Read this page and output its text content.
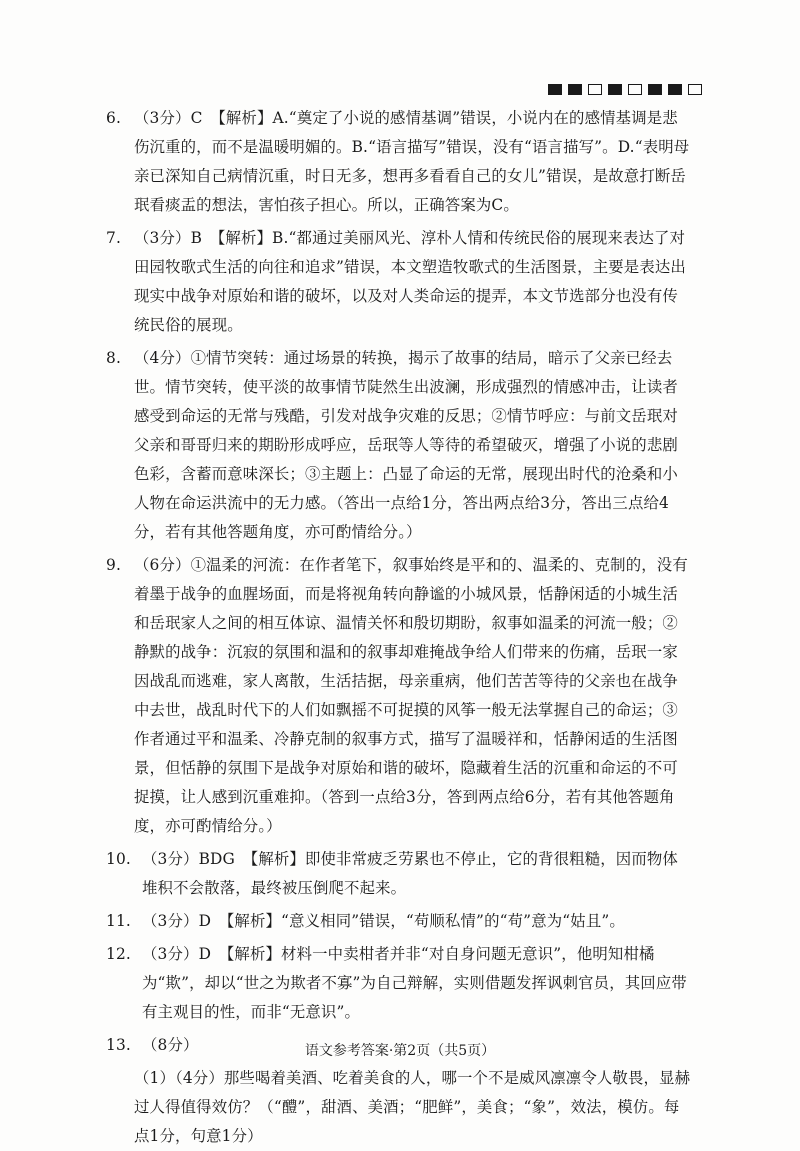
6. （3分）C　【解析】A.“奠定了小说的感情基调”错误，小说内在的感情基调是悲伤沉重的，而不是温暖明媚的。B.“语言描写”错误，没有“语言描写”。D.“表明母亲已深知自己病情沉重，时日无多，想再多看看自己的女儿”错误，是故意打断岳珉看痰盂的想法，害怕孩子担心。所以，正确答案为C。
7. （3分）B　【解析】B.“都通过美丽风光、淳朴人情和传统民俗的展现来表达了对田园牧歌式生活的向往和追求”错误，本文塑造牧歌式的生活图景，主要是表达出现实中战争对原始和谐的破坏，以及对人类命运的提弄，本文节选部分也没有传统民俗的展现。
8. （4分）①情节突转：通过场景的转换，揭示了故事的结局，暗示了父亲已经去世。情节突转，使平淡的故事情节陡然生出波澜，形成强烈的情感冲击，让读者感受到命运的无常与残酷，引发对战争灾难的反思；②情节呼应：与前文岳珉对父亲和哥哥归来的期盼形成呼应，岳珉等人等待的希望破灭，增强了小说的悲剧色彩，含蓄而意味深长；③主题上：凸显了命运的无常，展现出时代的沧桑和小人物在命运洪流中的无力感。（答出一点给1分，答出两点给3分，答出三点给4分，若有其他答题角度，亦可酌情给分。）
9. （6分）①温柔的河流：在作者笔下，叙事始终是平和的、温柔的、克制的，没有着墨于战争的血腥场面，而是将视角转向静谧的小城风景，恬静闲适的小城生活和岳珉家人之间的相互体谅、温情关怀和殷切期盼，叙事如温柔的河流一般；②静默的战争：沉寂的氛围和温和的叙事却难掩战争给人们带来的伤痛，岳珉一家因战乱而逃难，家人离散，生活拮据，母亲重病，他们苦苦等待的父亲也在战争中去世，战乱时代下的人们如飘摇不可捉摸的风筝一般无法掌握自己的命运；③作者通过平和温柔、冷静克制的叙事方式，描写了温暖祥和，恬静闲适的生活图景，但恬静的氛围下是战争对原始和谐的破坏，隐藏着生活的沉重和命运的不可捉摸，让人感到沉重难抑。（答到一点给3分，答到两点给6分，若有其他答题角度，亦可酌情给分。）
10. （3分）BDG　【解析】即使非常疲乏劳累也不停止，它的背很粗糙，因而物体堆积不会散落，最终被压倒爬不起来。
11. （3分）D　【解析】“意义相同”错误，“苟顺私情”的“苟”意为“姑且”。
12. （3分）D　【解析】材料一中卖柑者并非“对自身问题无意识”，他明知柑橘为“欺”，却以“世之为欺者不寡”为自己辩解，实则借题发挥讽刺官员，其回应带有主观目的性，而非“无意识”。
13. （8分）
（1）（4分）那些喝着美酒、吃着美食的人，哪一个不是威风凛凛令人敬畏，显赫过人得值得效仿？（“醴”，甜酒、美酒；“肥鲜”，美食；“象”，效法，模仿。每点1分，句意1分）
语文参考答案·第2页（共5页）
